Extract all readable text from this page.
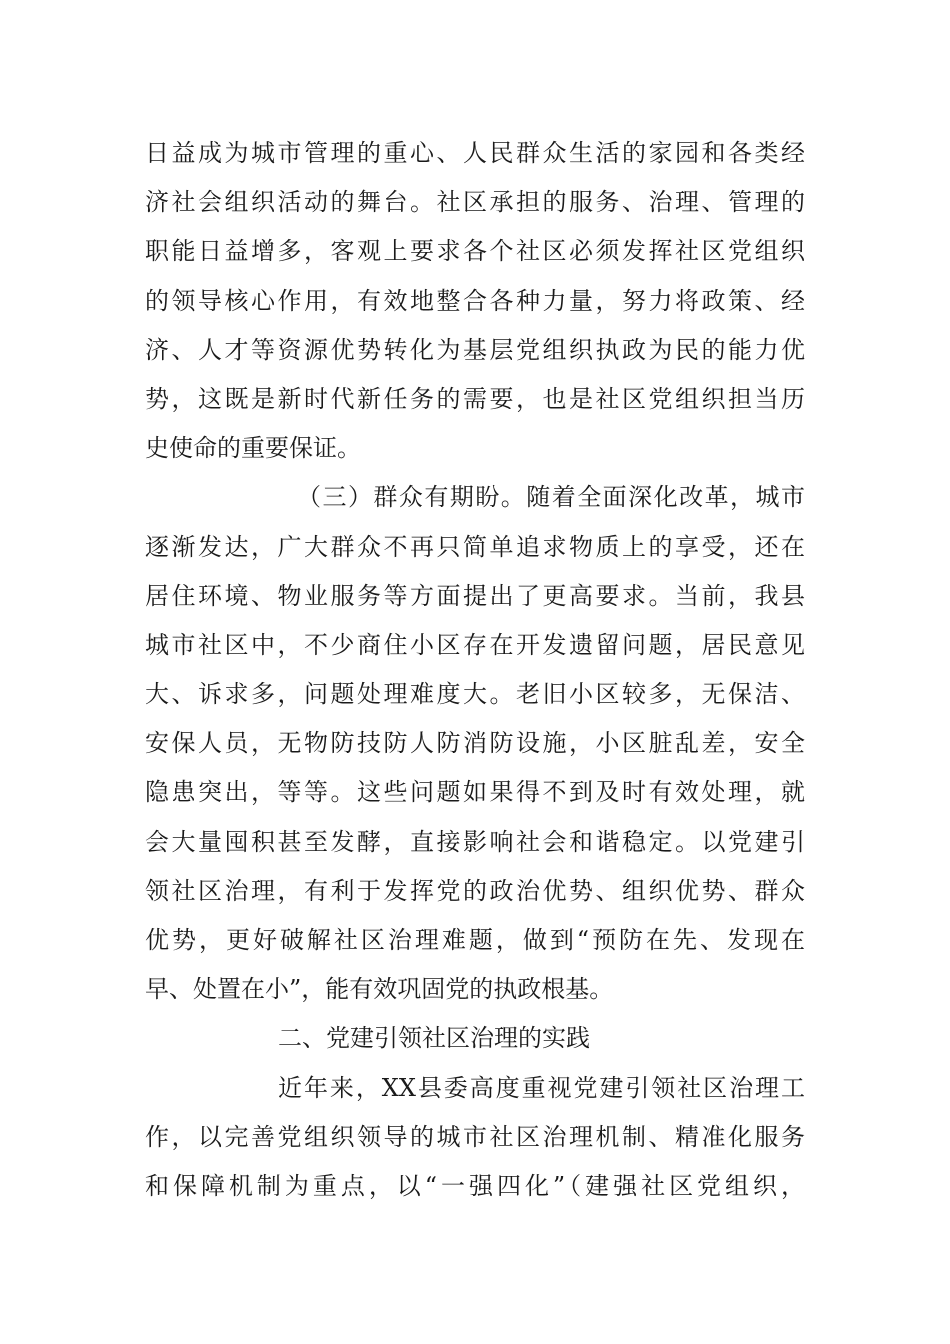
日益成为城市管理的重心、人民群众生活的家园和各类经
济社会组织活动的舞台。社区承担的服务、治理、管理的
职能日益增多，客观上要求各个社区必须发挥社区党组织
的领导核心作用，有效地整合各种力量，努力将政策、经
济、人才等资源优势转化为基层党组织执政为民的能力优
势，这既是新时代新任务的需要，也是社区党组织担当历
史使命的重要保证。
（三）群众有期盼。随着全面深化改革，城市
逐渐发达，广大群众不再只简单追求物质上的享受，还在
居住环境、物业服务等方面提出了更高要求。当前，我县
城市社区中，不少商住小区存在开发遗留问题，居民意见
大、诉求多，问题处理难度大。老旧小区较多，无保洁、
安保人员，无物防技防人防消防设施，小区脏乱差，安全
隐患突出，等等。这些问题如果得不到及时有效处理，就
会大量囤积甚至发酵，直接影响社会和谐稳定。以党建引
领社区治理，有利于发挥党的政治优势、组织优势、群众
优势，更好破解社区治理难题，做到“预防在先、发现在
早、处置在小”，能有效巩固党的执政根基。
二、党建引领社区治理的实践
近年来，XX县委高度重视党建引领社区治理工
作，以完善党组织领导的城市社区治理机制、精准化服务
和保障机制为重点，以“一强四化”（建强社区党组织，
